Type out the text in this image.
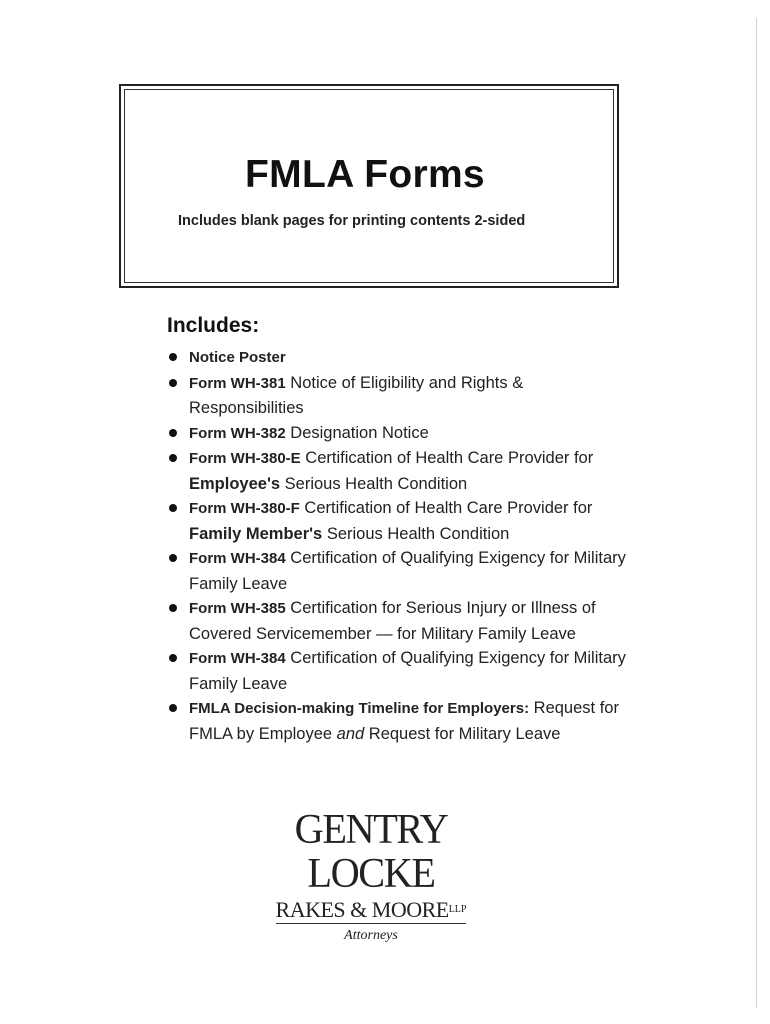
FMLA Forms
Includes blank pages for printing contents 2-sided
Includes:
Notice Poster
Form WH-381 Notice of Eligibility and Rights & Responsibilities
Form WH-382 Designation Notice
Form WH-380-E Certification of Health Care Provider for Employee's Serious Health Condition
Form WH-380-F Certification of Health Care Provider for Family Member's Serious Health Condition
Form WH-384 Certification of Qualifying Exigency for Military Family Leave
Form WH-385 Certification for Serious Injury or Illness of Covered Servicemember — for Military Family Leave
Form WH-384 Certification of Qualifying Exigency for Military Family Leave
FMLA Decision-making Timeline for Employers: Request for FMLA by Employee and Request for Military Leave
GENTRY LOCKE
RAKES & $MOORE^{LLP}$
Attorneys
